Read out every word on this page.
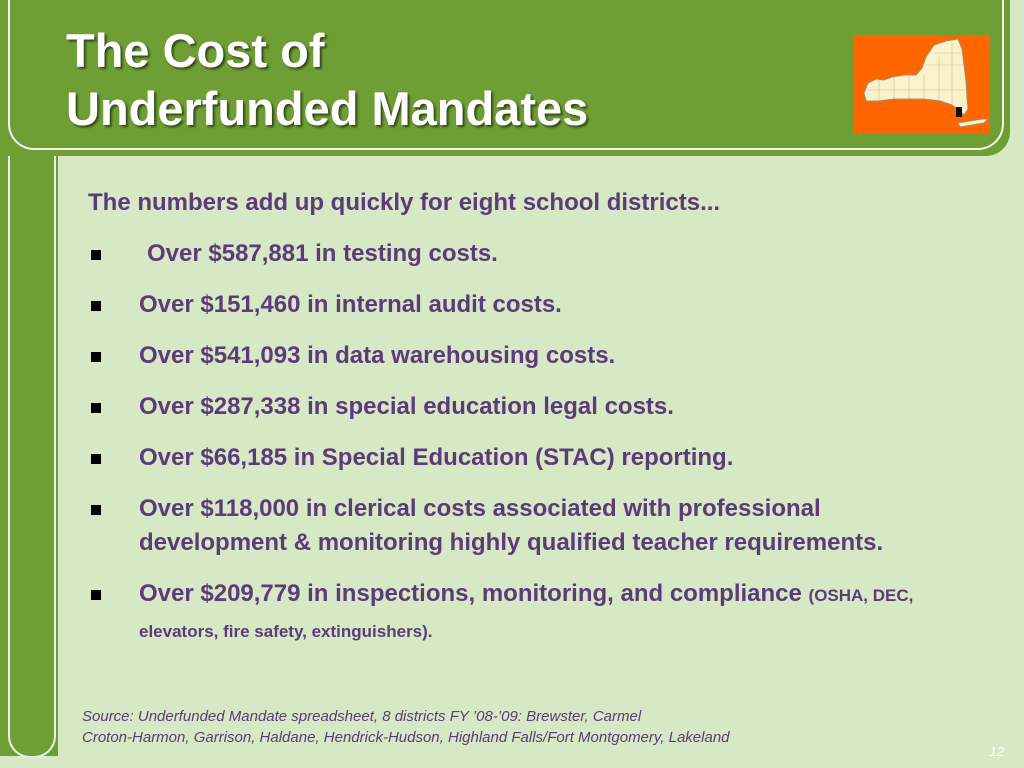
The Cost of
Underfunded Mandates

The numbers add up quickly for eight school districts...

Over $587,881 in testing costs.
Over $151,460 in internal audit costs.
Over $541,093 in data warehousing costs.
Over $287,338 in special education legal costs.
Over $66,185 in Special Education (STAC) reporting.
Over $118,000 in clerical costs associated with professional development & monitoring highly qualified teacher requirements.
Over $209,779 in inspections, monitoring, and compliance (OSHA, DEC, elevators, fire safety, extinguishers).

Source: Underfunded Mandate spreadsheet, 8 districts FY ’08-’09: Brewster, Carmel
Croton-Harmon, Garrison, Haldane, Hendrick-Hudson, Highland Falls/Fort Montgomery, Lakeland

12
